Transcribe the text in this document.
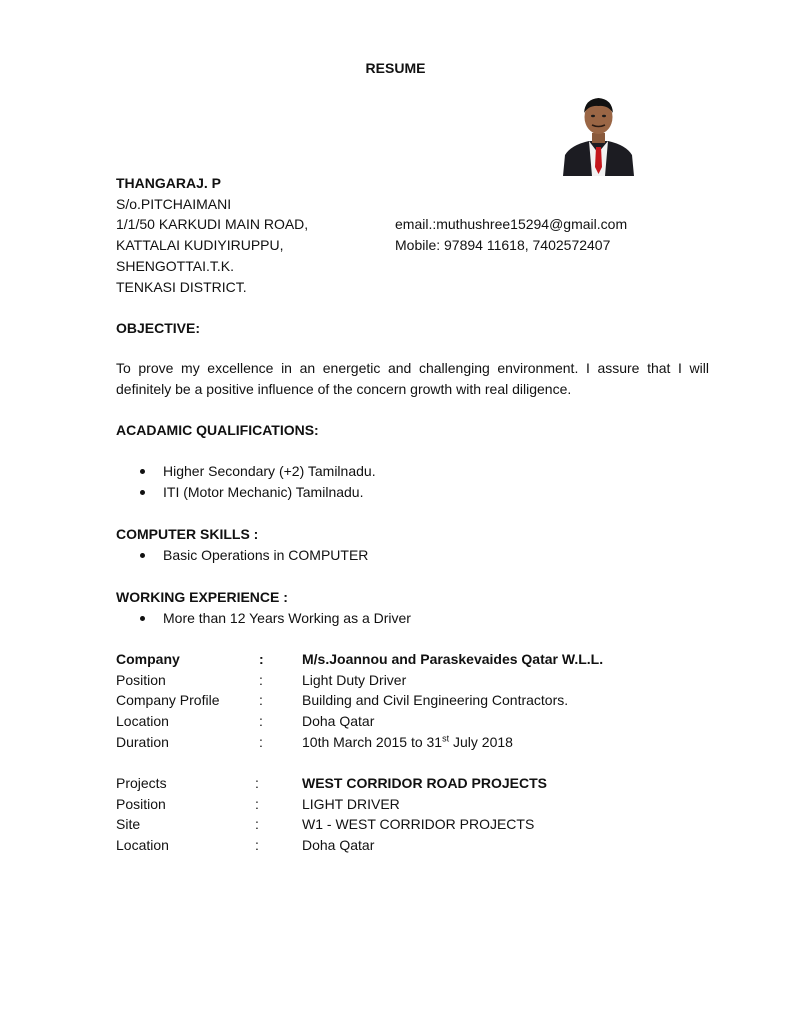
RESUME
THANGARAJ. P
S/o.PITCHAIMANI
1/1/50 KARKUDI MAIN ROAD,
KATTALAI KUDIYIRUPPU,
SHENGOTTAI.T.K.
TENKASI DISTRICT.
email.:muthushree15294@gmail.com
Mobile: 97894 11618, 7402572407
OBJECTIVE:
To prove my excellence in an energetic and challenging environment. I assure that I will definitely be a positive influence of the concern growth with real diligence.
ACADAMIC QUALIFICATIONS:
Higher Secondary (+2) Tamilnadu.
ITI (Motor Mechanic) Tamilnadu.
COMPUTER SKILLS :
Basic Operations in COMPUTER
WORKING EXPERIENCE :
More than 12 Years Working as a Driver
Company	:	M/s.Joannou and Paraskevaides Qatar W.L.L.
Position	:	Light Duty Driver
Company Profile	:	Building and Civil Engineering Contractors.
Location	:	Doha Qatar
Duration	:	10th March 2015 to 31st July 2018
Projects	:	WEST CORRIDOR ROAD PROJECTS
Position	:	LIGHT DRIVER
Site	:	W1 - WEST CORRIDOR PROJECTS
Location	:	Doha Qatar
